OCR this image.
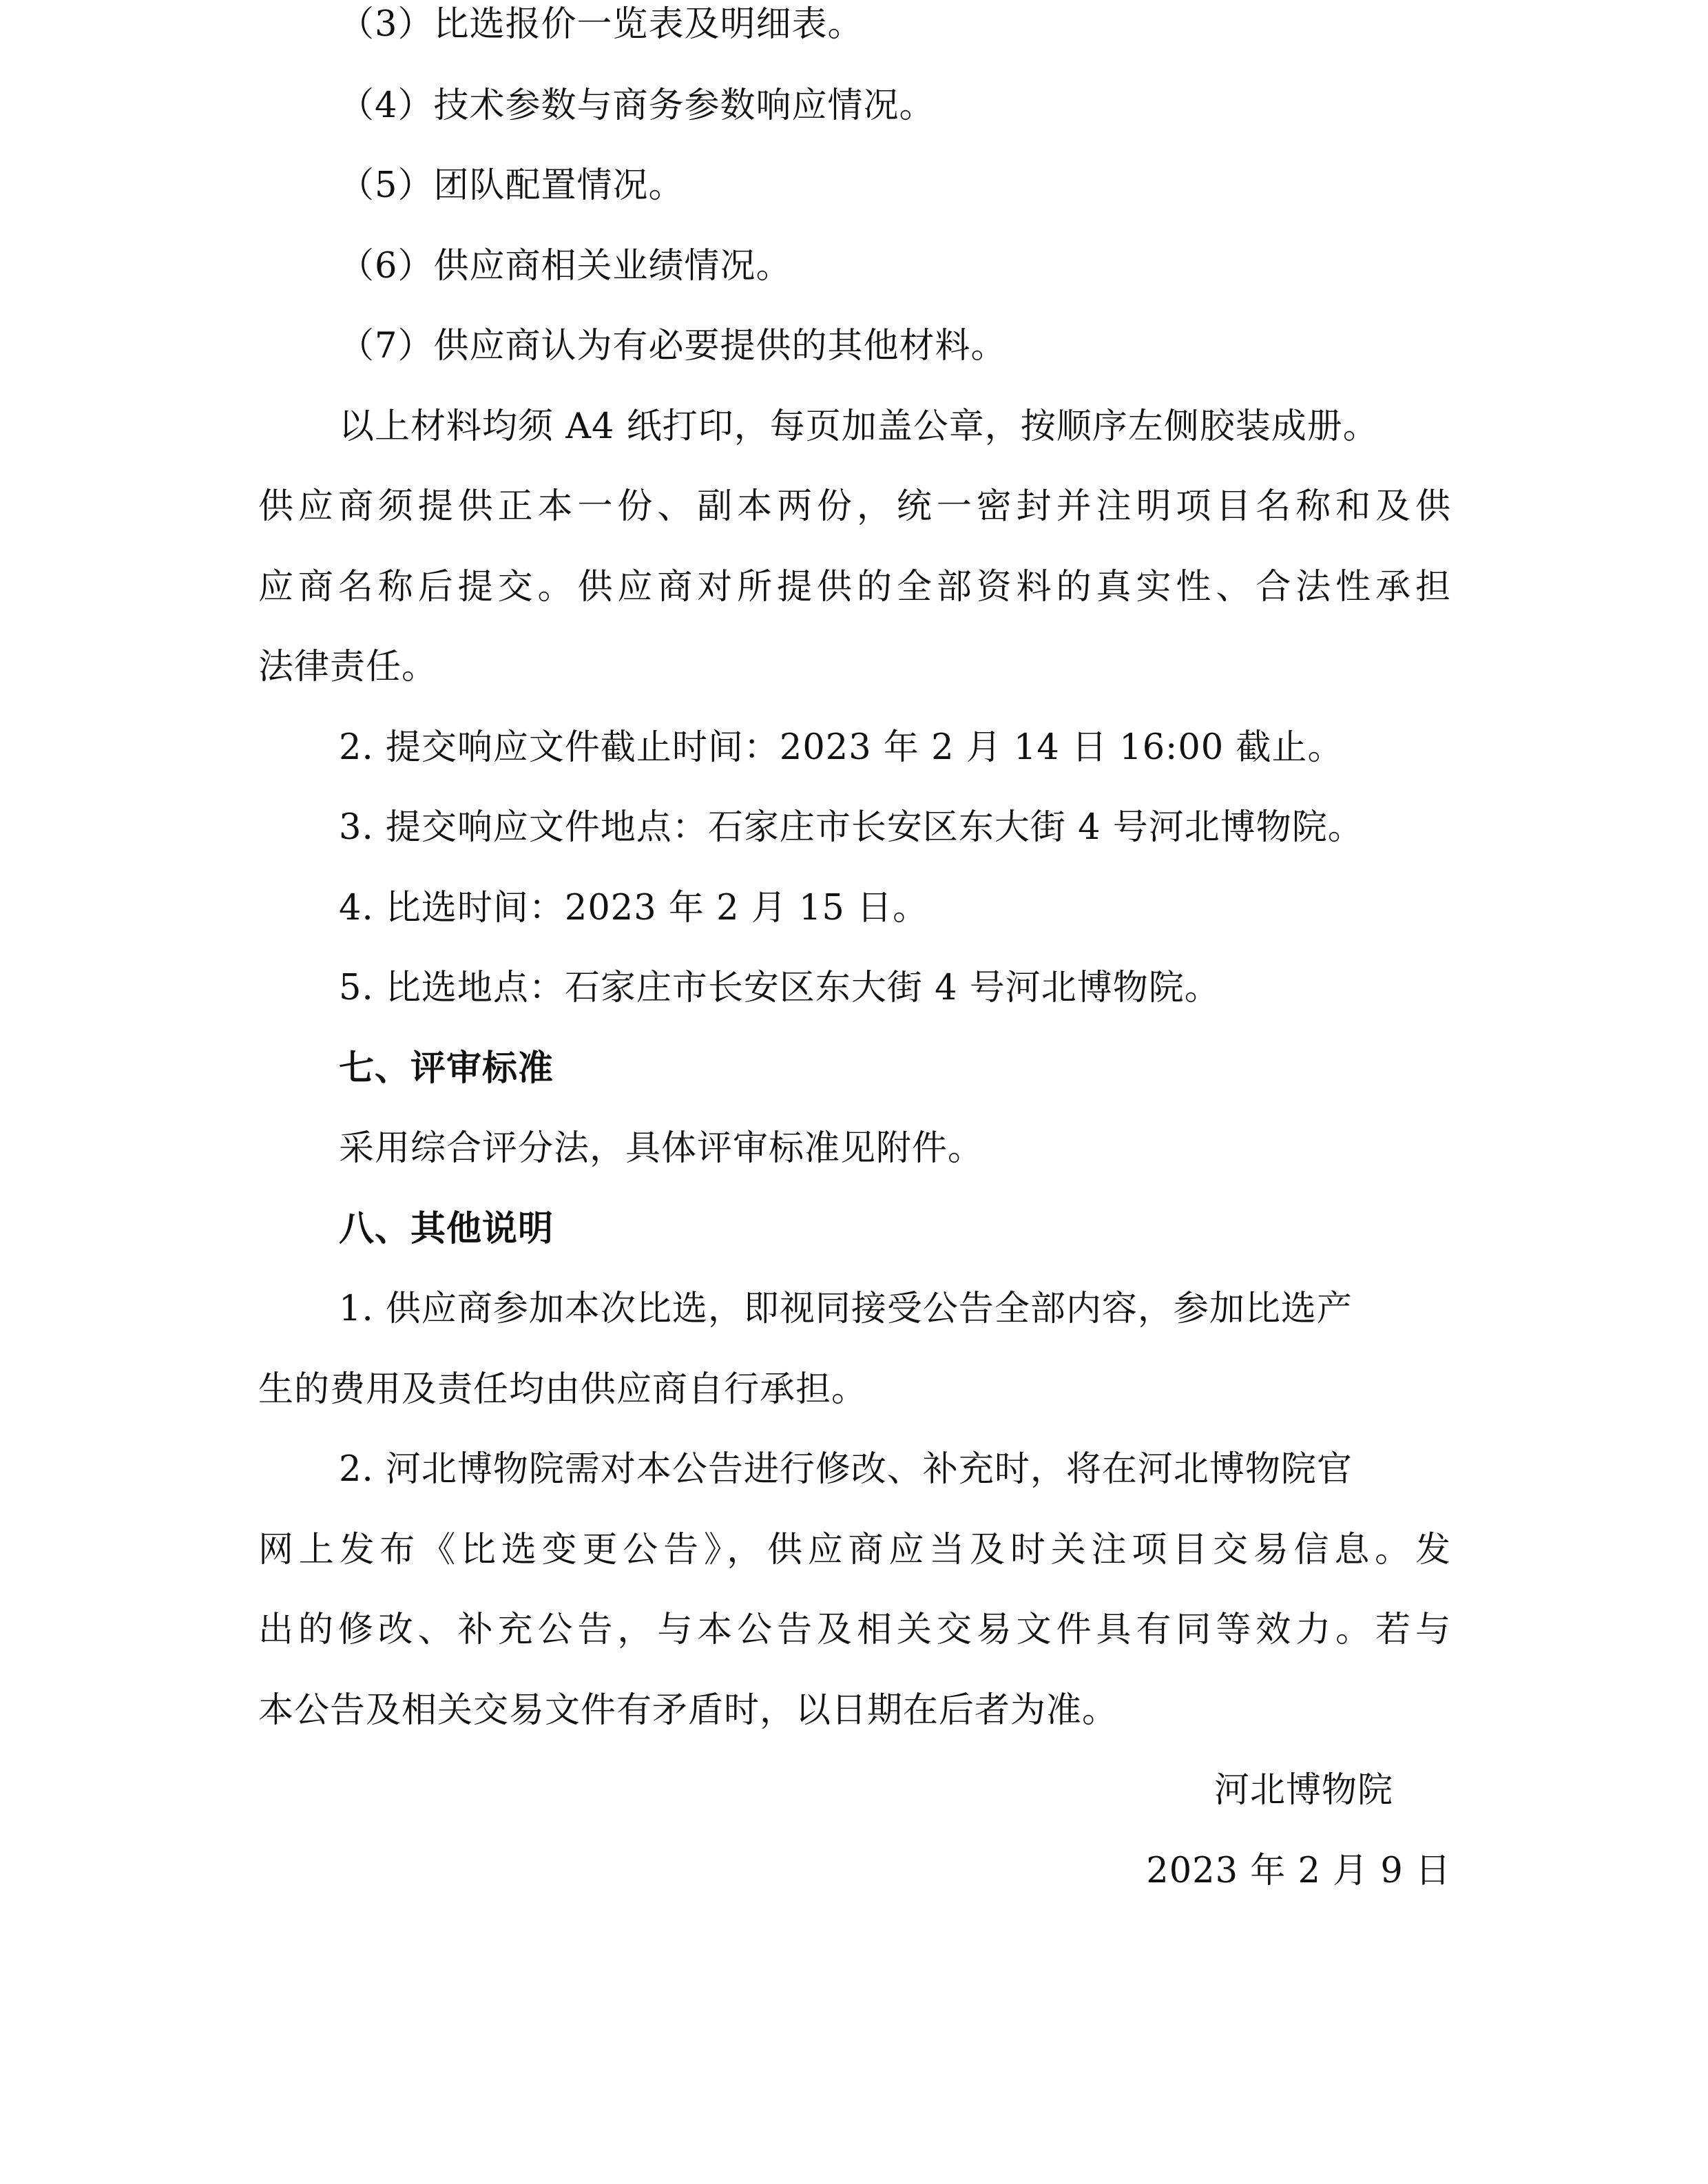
（3）比选报价一览表及明细表。
（4）技术参数与商务参数响应情况。
（5）团队配置情况。
（6）供应商相关业绩情况。
（7）供应商认为有必要提供的其他材料。
以上材料均须 A4 纸打印，每页加盖公章，按顺序左侧胶装成册。
供应商须提供正本一份、副本两份，统一密封并注明项目名称和及供
应商名称后提交。供应商对所提供的全部资料的真实性、合法性承担
法律责任。
2. 提交响应文件截止时间：2023 年 2 月 14 日 16:00 截止。
3. 提交响应文件地点：石家庄市长安区东大街 4 号河北博物院。
4. 比选时间：2023 年 2 月 15 日。
5. 比选地点：石家庄市长安区东大街 4 号河北博物院。
七、评审标准
采用综合评分法，具体评审标准见附件。
八、其他说明
1. 供应商参加本次比选，即视同接受公告全部内容，参加比选产
生的费用及责任均由供应商自行承担。
2. 河北博物院需对本公告进行修改、补充时，将在河北博物院官
网上发布《比选变更公告》，供应商应当及时关注项目交易信息。发
出的修改、补充公告，与本公告及相关交易文件具有同等效力。若与
本公告及相关交易文件有矛盾时，以日期在后者为准。
河北博物院
2023 年 2 月 9 日
